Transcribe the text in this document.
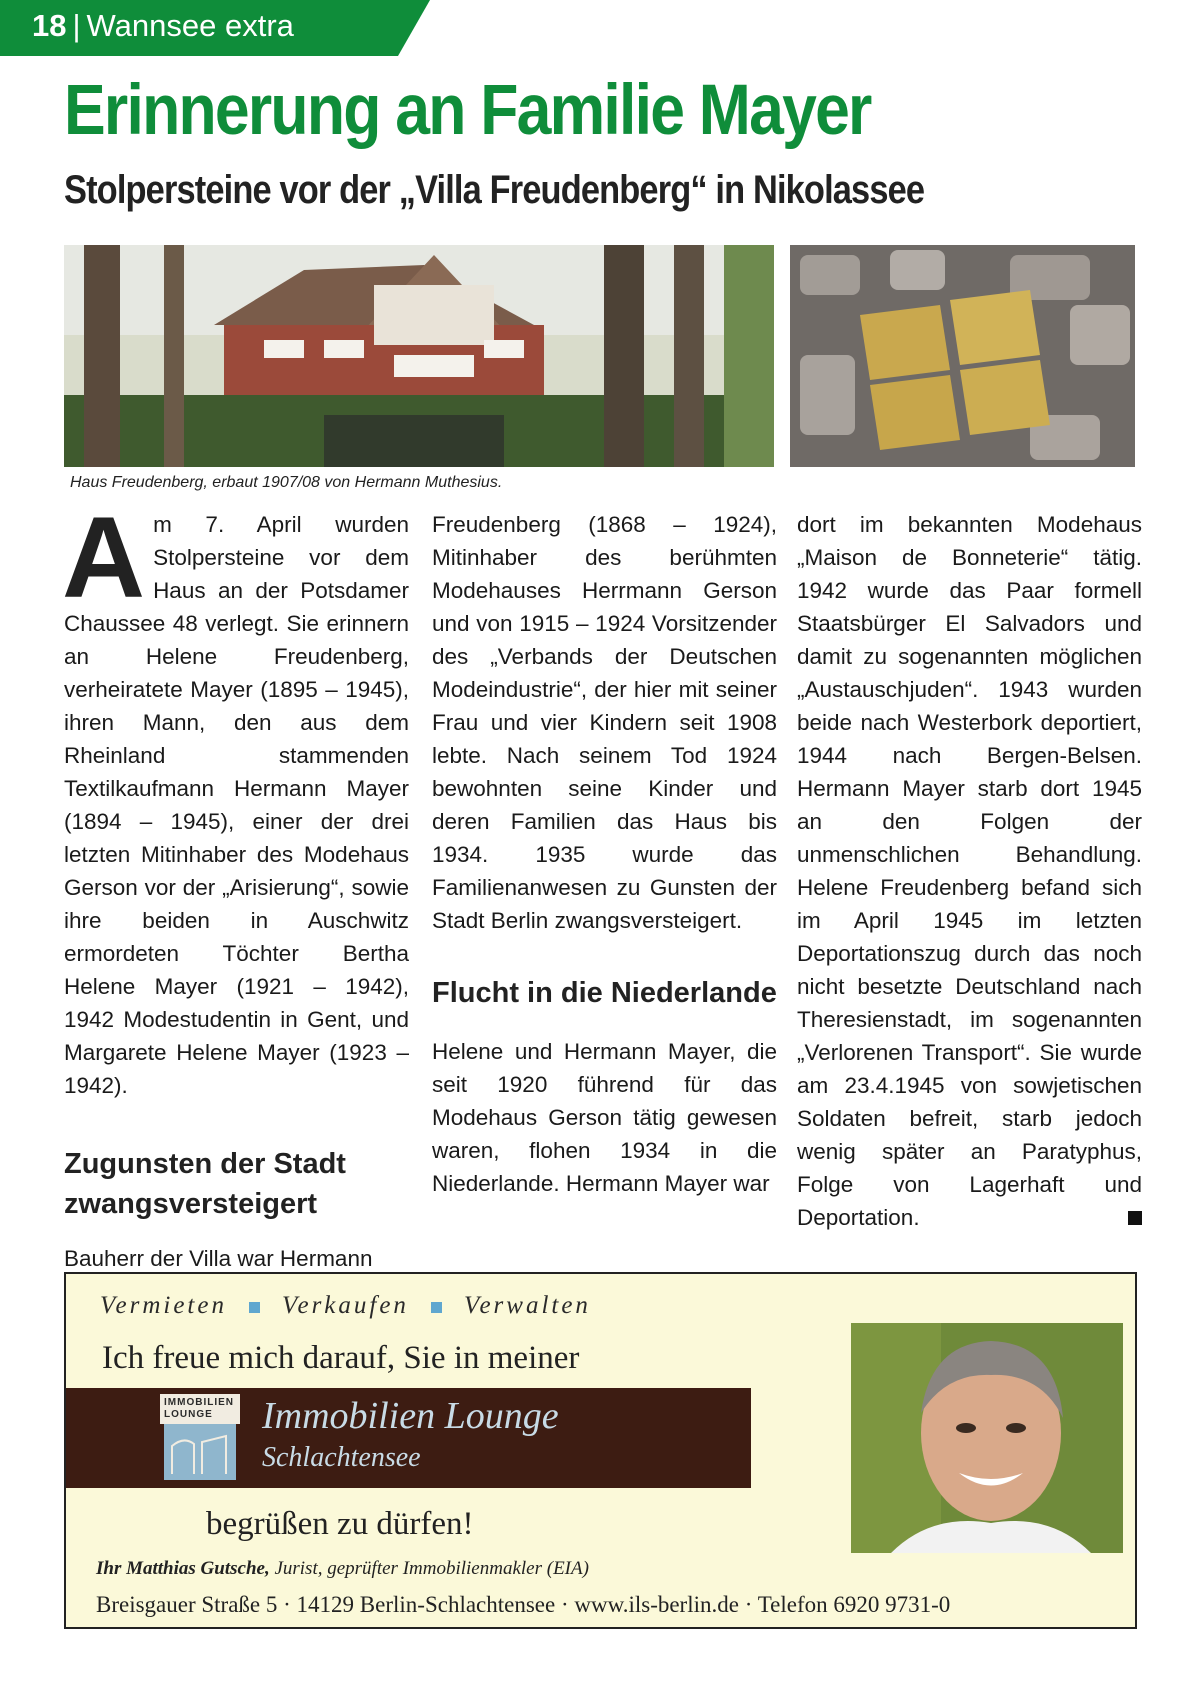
18 | Wannsee extra
Erinnerung an Familie Mayer
Stolpersteine vor der „Villa Freudenberg“ in Nikolassee
Haus Freudenberg, erbaut 1907/08 von Hermann Muthesius.

Am 7. April wurden Stolpersteine vor dem Haus an der Potsdamer Chaussee 48 verlegt. Sie erinnern an Helene Freudenberg, verheiratete Mayer (1895 – 1945), ihren Mann, den aus dem Rheinland stammenden Textilkaufmann Hermann Mayer (1894 – 1945), einer der drei letzten Mitinhaber des Modehaus Gerson vor der „Arisierung“, sowie ihre beiden in Auschwitz ermordeten Töchter Bertha Helene Mayer (1921 – 1942), 1942 Modestudentin in Gent, und Margarete Helene Mayer (1923 – 1942).

Zugunsten der Stadt zwangsversteigert

Bauherr der Villa war Hermann

Freudenberg (1868 – 1924), Mitinhaber des berühmten Modehauses Herrmann Gerson und von 1915 – 1924 Vorsitzender des „Verbands der Deutschen Modeindustrie“, der hier mit seiner Frau und vier Kindern seit 1908 lebte. Nach seinem Tod 1924 bewohnten seine Kinder und deren Familien das Haus bis 1934. 1935 wurde das Familienanwesen zu Gunsten der Stadt Berlin zwangsversteigert.

Flucht in die Niederlande

Helene und Hermann Mayer, die seit 1920 führend für das Modehaus Gerson tätig gewesen waren, flohen 1934 in die Niederlande. Hermann Mayer war

dort im bekannten Modehaus „Maison de Bonneterie“ tätig. 1942 wurde das Paar formell Staatsbürger El Salvadors und damit zu sogenannten möglichen „Austauschjuden“. 1943 wurden beide nach Westerbork deportiert, 1944 nach Bergen-Belsen. Hermann Mayer starb dort 1945 an den Folgen der unmenschlichen Behandlung. Helene Freudenberg befand sich im April 1945 im letzten Deportationszug durch das noch nicht besetzte Deutschland nach Theresienstadt, im sogenannten „Verlorenen Transport“. Sie wurde am 23.4.1945 von sowjetischen Soldaten befreit, starb jedoch wenig später an Paratyphus, Folge von Lagerhaft und Deportation.

Vermieten Verkaufen Verwalten
Ich freue mich darauf, Sie in meiner
IMMOBILIEN LOUNGE	Immobilien Lounge
Schlachtensee
begrüßen zu dürfen!
Ihr Matthias Gutsche, Jurist, geprüfter Immobilienmakler (EIA)
Breisgauer Straße 5 · 14129 Berlin-Schlachtensee · www.ils-berlin.de · Telefon 6920 9731-0
